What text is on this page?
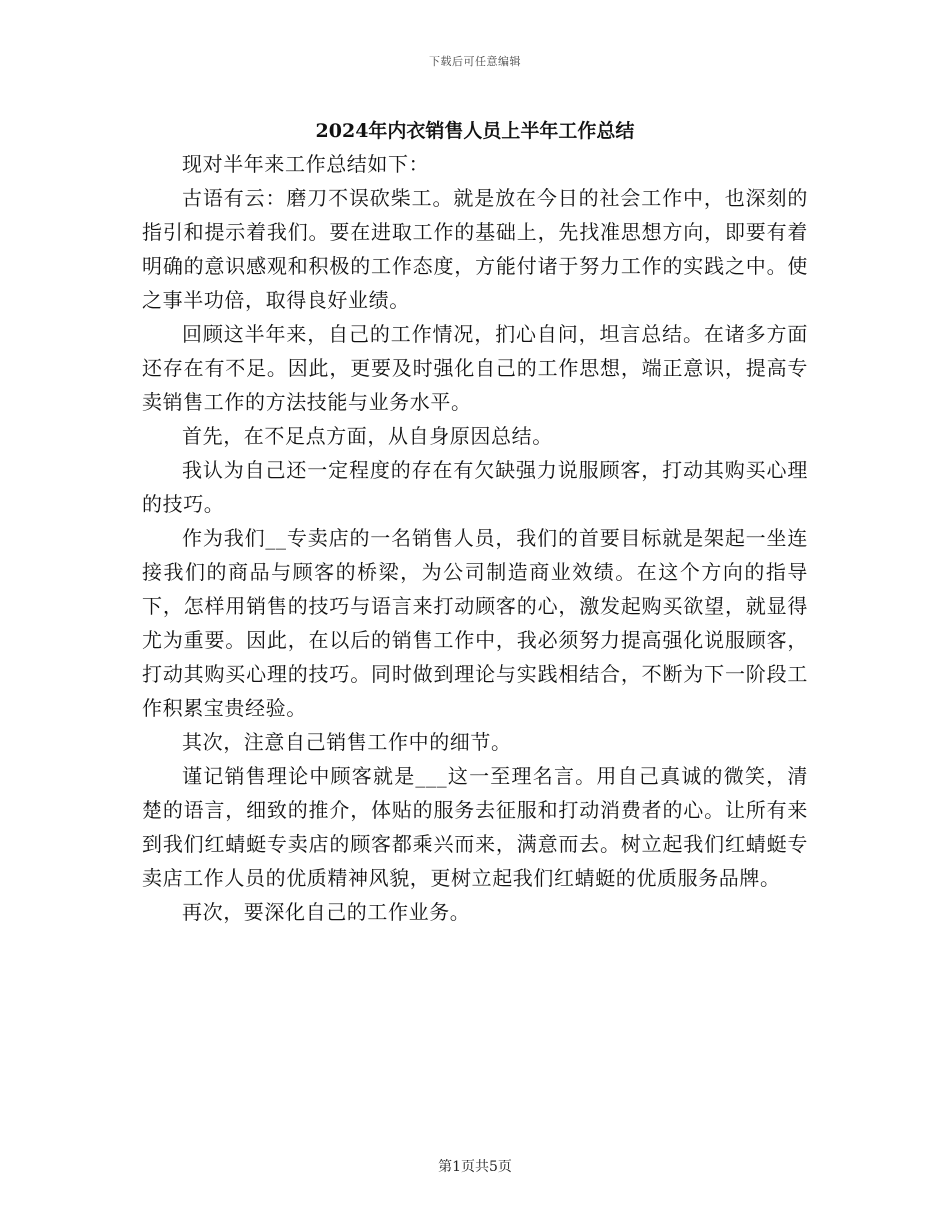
下载后可任意编辑
2024年内衣销售人员上半年工作总结

现对半年来工作总结如下：

古语有云：磨刀不误砍柴工。就是放在今日的社会工作中，也深刻的指引和提示着我们。要在进取工作的基础上，先找准思想方向，即要有着明确的意识感观和积极的工作态度，方能付诸于努力工作的实践之中。使之事半功倍，取得良好业绩。

回顾这半年来，自己的工作情况，扪心自问，坦言总结。在诸多方面还存在有不足。因此，更要及时强化自己的工作思想，端正意识，提高专卖销售工作的方法技能与业务水平。

首先，在不足点方面，从自身原因总结。

我认为自己还一定程度的存在有欠缺强力说服顾客，打动其购买心理的技巧。

作为我们__专卖店的一名销售人员，我们的首要目标就是架起一坐连接我们的商品与顾客的桥梁，为公司制造商业效绩。在这个方向的指导下，怎样用销售的技巧与语言来打动顾客的心，激发起购买欲望，就显得尤为重要。因此，在以后的销售工作中，我必须努力提高强化说服顾客，打动其购买心理的技巧。同时做到理论与实践相结合，不断为下一阶段工作积累宝贵经验。

其次，注意自己销售工作中的细节。

谨记销售理论中顾客就是___这一至理名言。用自己真诚的微笑，清楚的语言，细致的推介，体贴的服务去征服和打动消费者的心。让所有来到我们红蜻蜓专卖店的顾客都乘兴而来，满意而去。树立起我们红蜻蜓专卖店工作人员的优质精神风貌，更树立起我们红蜻蜓的优质服务品牌。

再次，要深化自己的工作业务。

第1页共5页
